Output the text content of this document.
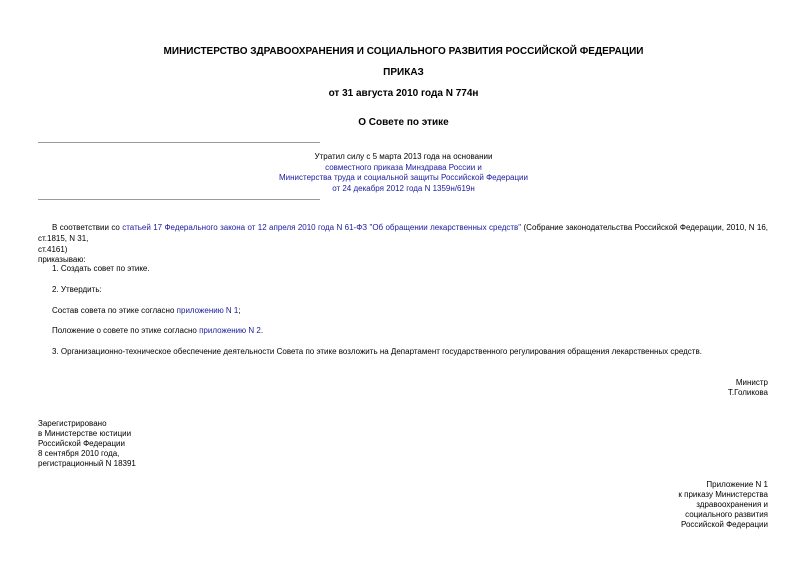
МИНИСТЕРСТВО ЗДРАВООХРАНЕНИЯ И СОЦИАЛЬНОГО РАЗВИТИЯ РОССИЙСКОЙ ФЕДЕРАЦИИ
ПРИКАЗ
от 31 августа 2010 года N 774н
О Совете по этике
Утратил силу с 5 марта 2013 года на основании
совместного приказа Минздрава России и
Министерства труда и социальной защиты Российской Федерации
от 24 декабря 2012 года N 1359н/619н
В соответствии со статьей 17 Федерального закона от 12 апреля 2010 года N 61-ФЗ "Об обращении лекарственных средств" (Собрание законодательства Российской Федерации, 2010, N 16, ст.1815, N 31,
ст.4161)
приказываю:
1. Создать совет по этике.
2. Утвердить:
Состав совета по этике согласно приложению N 1;
Положение о совете по этике согласно приложению N 2.
3. Организационно-техническое обеспечение деятельности Совета по этике возложить на Департамент государственного регулирования обращения лекарственных средств.
Министр
Т.Голикова
Зарегистрировано
в Министерстве юстиции
Российской Федерации
8 сентября 2010 года,
регистрационный N 18391
Приложение N 1
к приказу Министерства
здравоохранения и
социального развития
Российской Федерации
